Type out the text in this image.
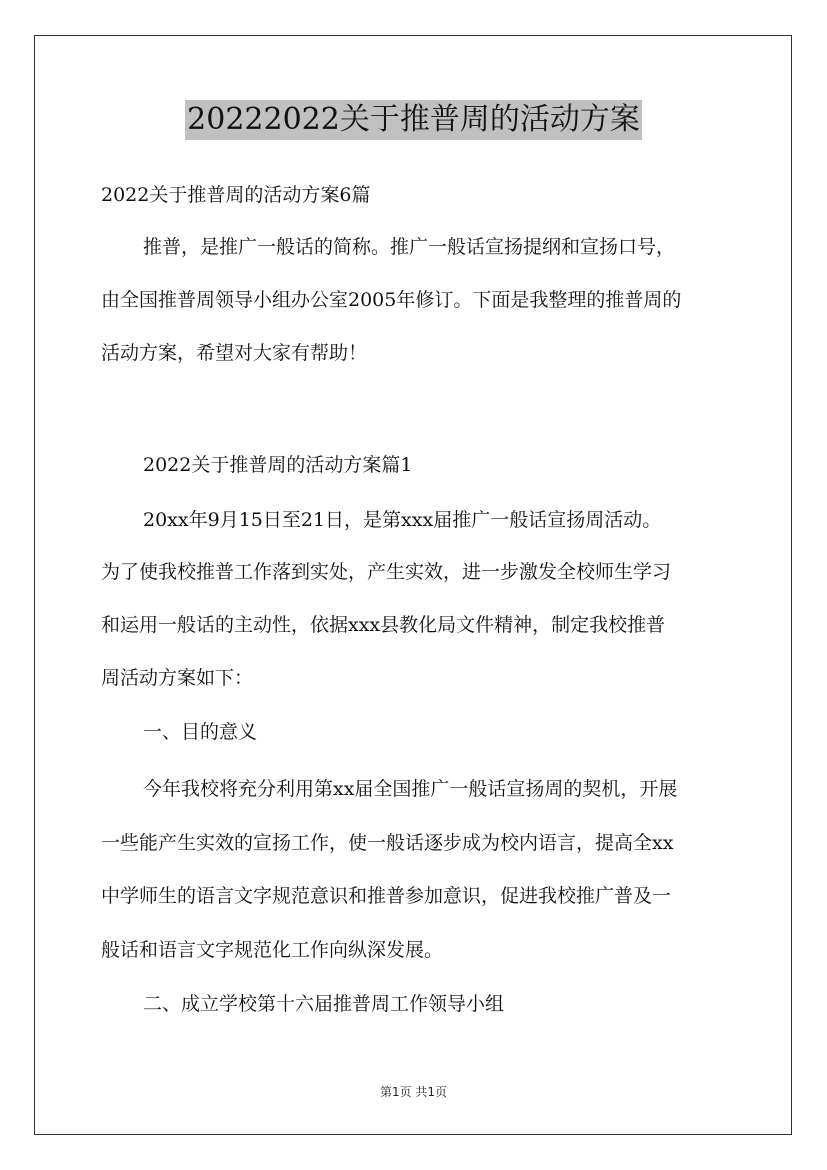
20222022关于推普周的活动方案
2022关于推普周的活动方案6篇
推普，是推广一般话的简称。推广一般话宣扬提纲和宣扬口号，
由全国推普周领导小组办公室2005年修订。下面是我整理的推普周的
活动方案，希望对大家有帮助！
2022关于推普周的活动方案篇1
20xx年9月15日至21日，是第xxx届推广一般话宣扬周活动。
为了使我校推普工作落到实处，产生实效，进一步激发全校师生学习
和运用一般话的主动性，依据xxx县教化局文件精神，制定我校推普
周活动方案如下：
一、目的意义
今年我校将充分利用第xx届全国推广一般话宣扬周的契机，开展
一些能产生实效的宣扬工作，使一般话逐步成为校内语言，提高全xx
中学师生的语言文字规范意识和推普参加意识，促进我校推广普及一
般话和语言文字规范化工作向纵深发展。
二、成立学校第十六届推普周工作领导小组
第1页 共1页
